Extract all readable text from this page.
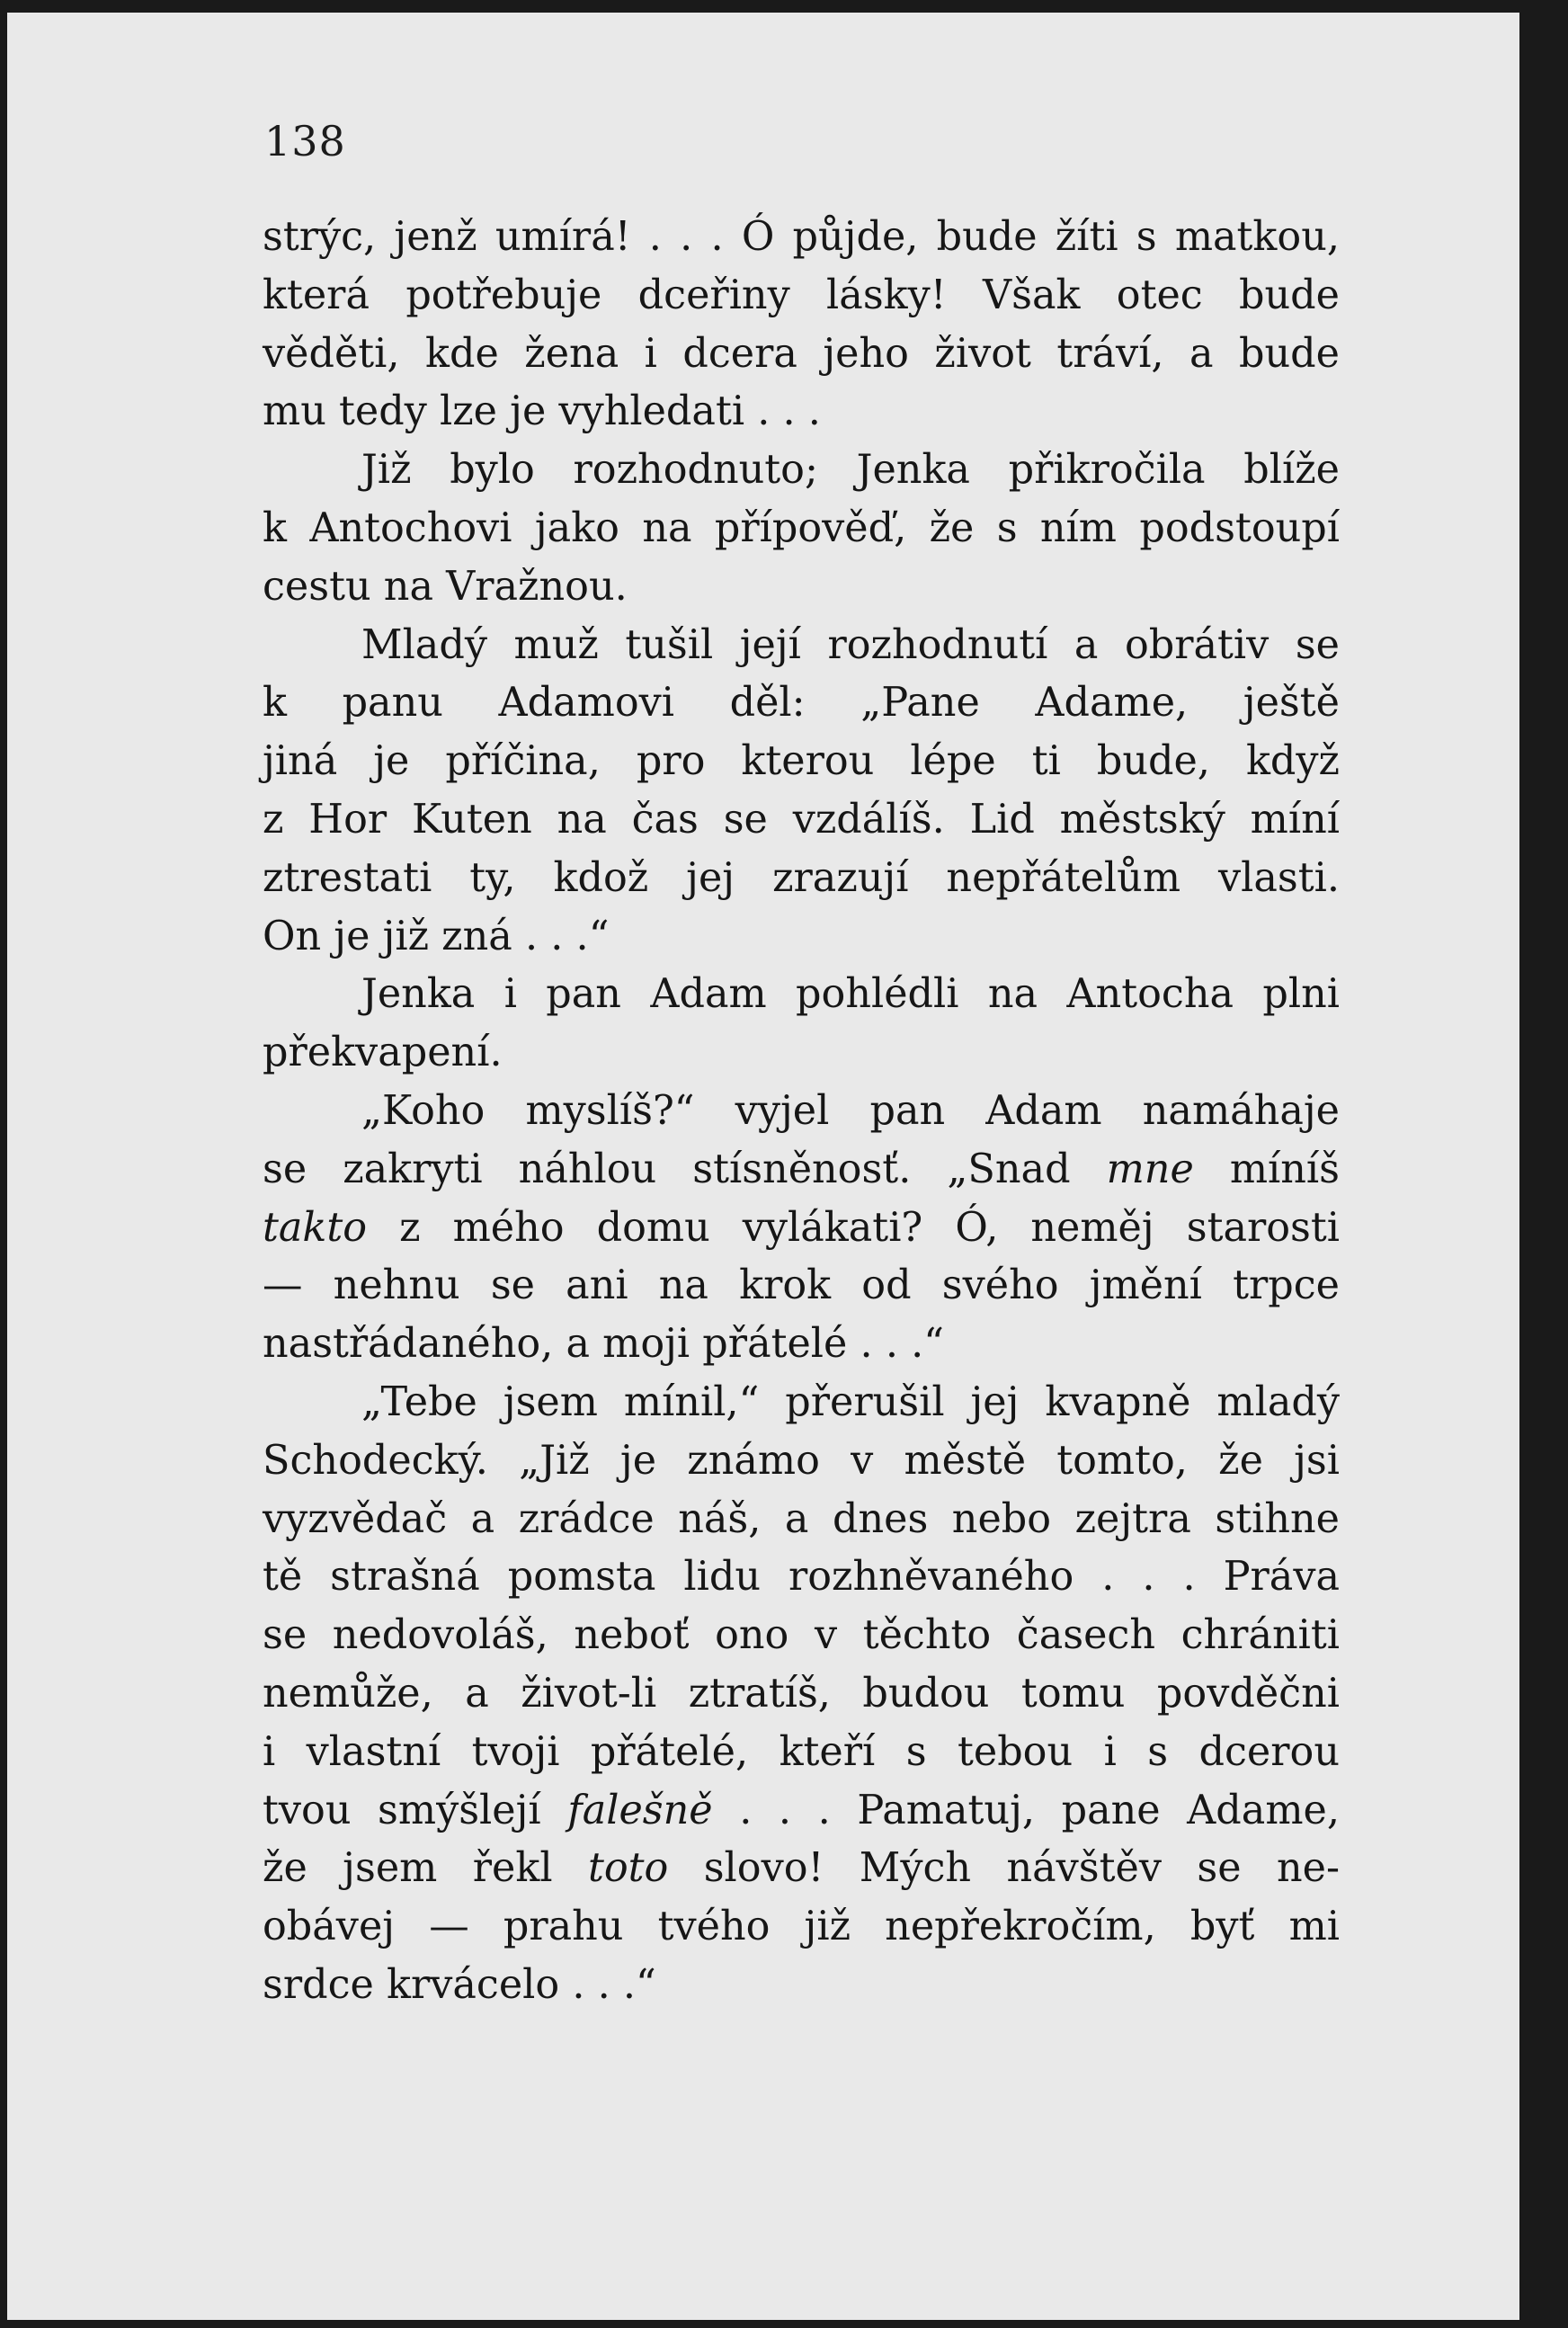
138
strýc, jenž umírá! . . . Ó půjde, bude žíti s matkou,
která potřebuje dceřiny lásky! Však otec bude
věděti, kde žena i dcera jeho život tráví, a bude
mu tedy lze je vyhledati . . .
Již bylo rozhodnuto; Jenka přikročila blíže
k Antochovi jako na přípověď, že s ním podstoupí
cestu na Vražnou.
Mladý muž tušil její rozhodnutí a obrátiv se
k panu Adamovi děl: „Pane Adame, ještě
jiná je příčina, pro kterou lépe ti bude, když
z Hor Kuten na čas se vzdálíš. Lid městský míní
ztrestati ty, kdož jej zrazují nepřátelům vlasti.
On je již zná . . .“
Jenka i pan Adam pohlédli na Antocha plni
překvapení.
„Koho myslíš?“ vyjel pan Adam namáhaje
se zakryti náhlou stísněnosť. „Snad mne míníš
takto z mého domu vylákati? Ó, neměj starosti
— nehnu se ani na krok od svého jmění trpce
nastřádaného, a moji přátelé . . .“
„Tebe jsem mínil,“ přerušil jej kvapně mladý
Schodecký. „Již je známo v městě tomto, že jsi
vyzvědač a zrádce náš, a dnes nebo zejtra stihne
tě strašná pomsta lidu rozhněvaného . . . Práva
se nedovoláš, neboť ono v těchto časech chrániti
nemůže, a život-li ztratíš, budou tomu povděčni
i vlastní tvoji přátelé, kteří s tebou i s dcerou
tvou smýšlejí falešně . . . Pamatuj, pane Adame,
že jsem řekl toto slovo! Mých návštěv se ne-
obávej — prahu tvého již nepřekročím, byť mi
srdce krvácelo . . .“
